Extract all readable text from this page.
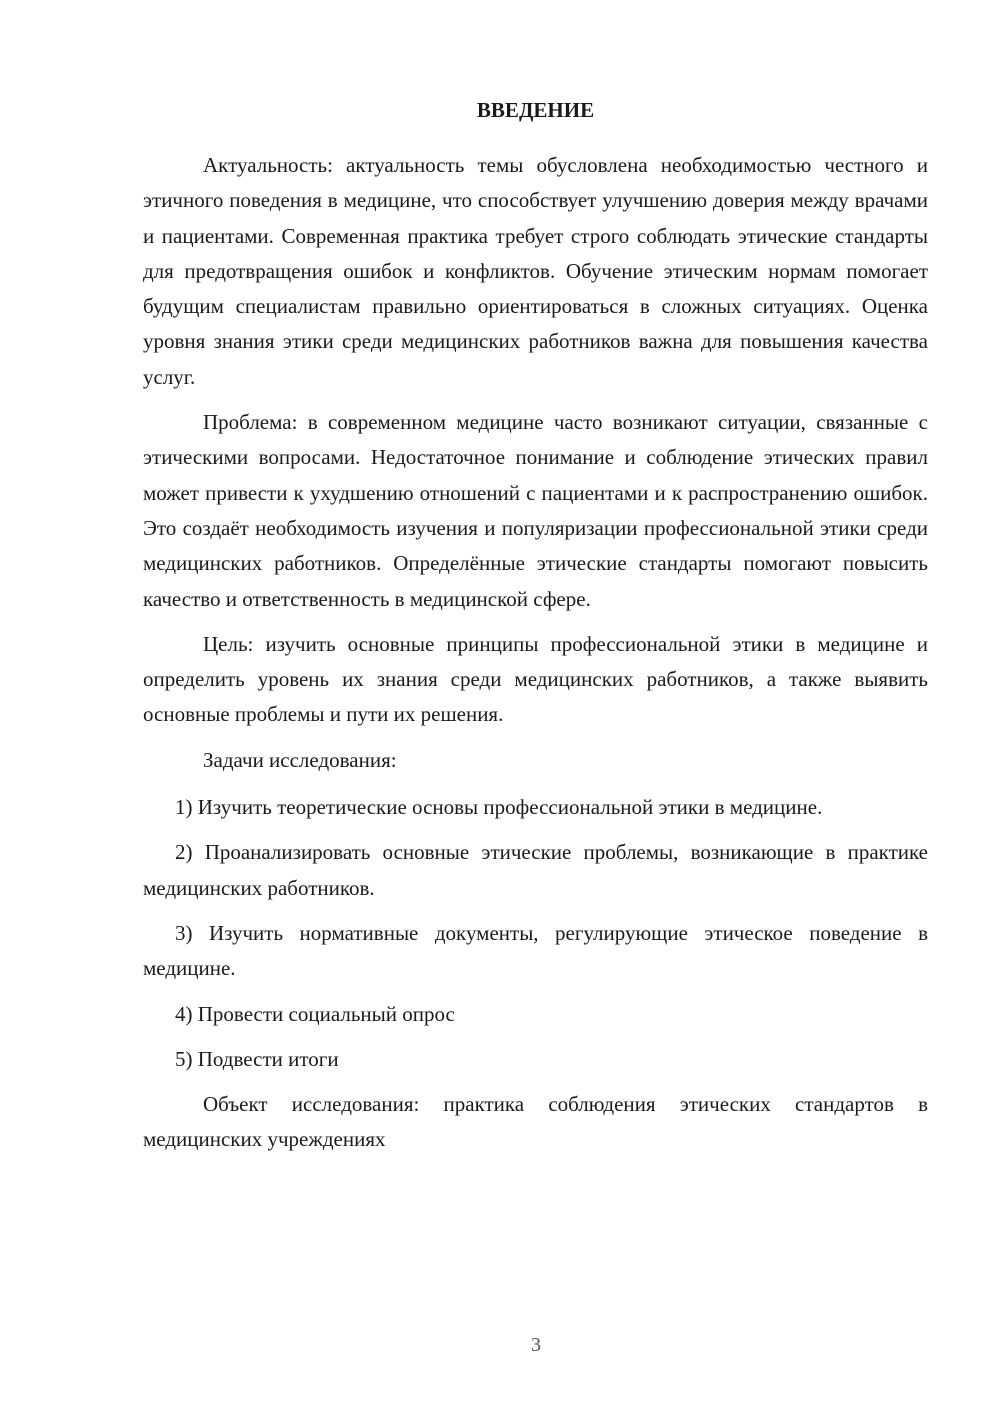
ВВЕДЕНИЕ

Актуальность: актуальность темы обусловлена необходимостью честного и этичного поведения в медицине, что способствует улучшению доверия между врачами и пациентами. Современная практика требует строго соблюдать этические стандарты для предотвращения ошибок и конфликтов. Обучение этическим нормам помогает будущим специалистам правильно ориентироваться в сложных ситуациях. Оценка уровня знания этики среди медицинских работников важна для повышения качества услуг.

Проблема: в современном медицине часто возникают ситуации, связанные с этическими вопросами. Недостаточное понимание и соблюдение этических правил может привести к ухудшению отношений с пациентами и к распространению ошибок. Это создаёт необходимость изучения и популяризации профессиональной этики среди медицинских работников. Определённые этические стандарты помогают повысить качество и ответственность в медицинской сфере.

Цель: изучить основные принципы профессиональной этики в медицине и определить уровень их знания среди медицинских работников, а также выявить основные проблемы и пути их решения.

Задачи исследования:

1) Изучить теоретические основы профессиональной этики в медицине.

2) Проанализировать основные этические проблемы, возникающие в практике медицинских работников.

3) Изучить нормативные документы, регулирующие этическое поведение в медицине.

4) Провести социальный опрос

5) Подвести итоги

Объект исследования: практика соблюдения этических стандартов в медицинских учреждениях

3
